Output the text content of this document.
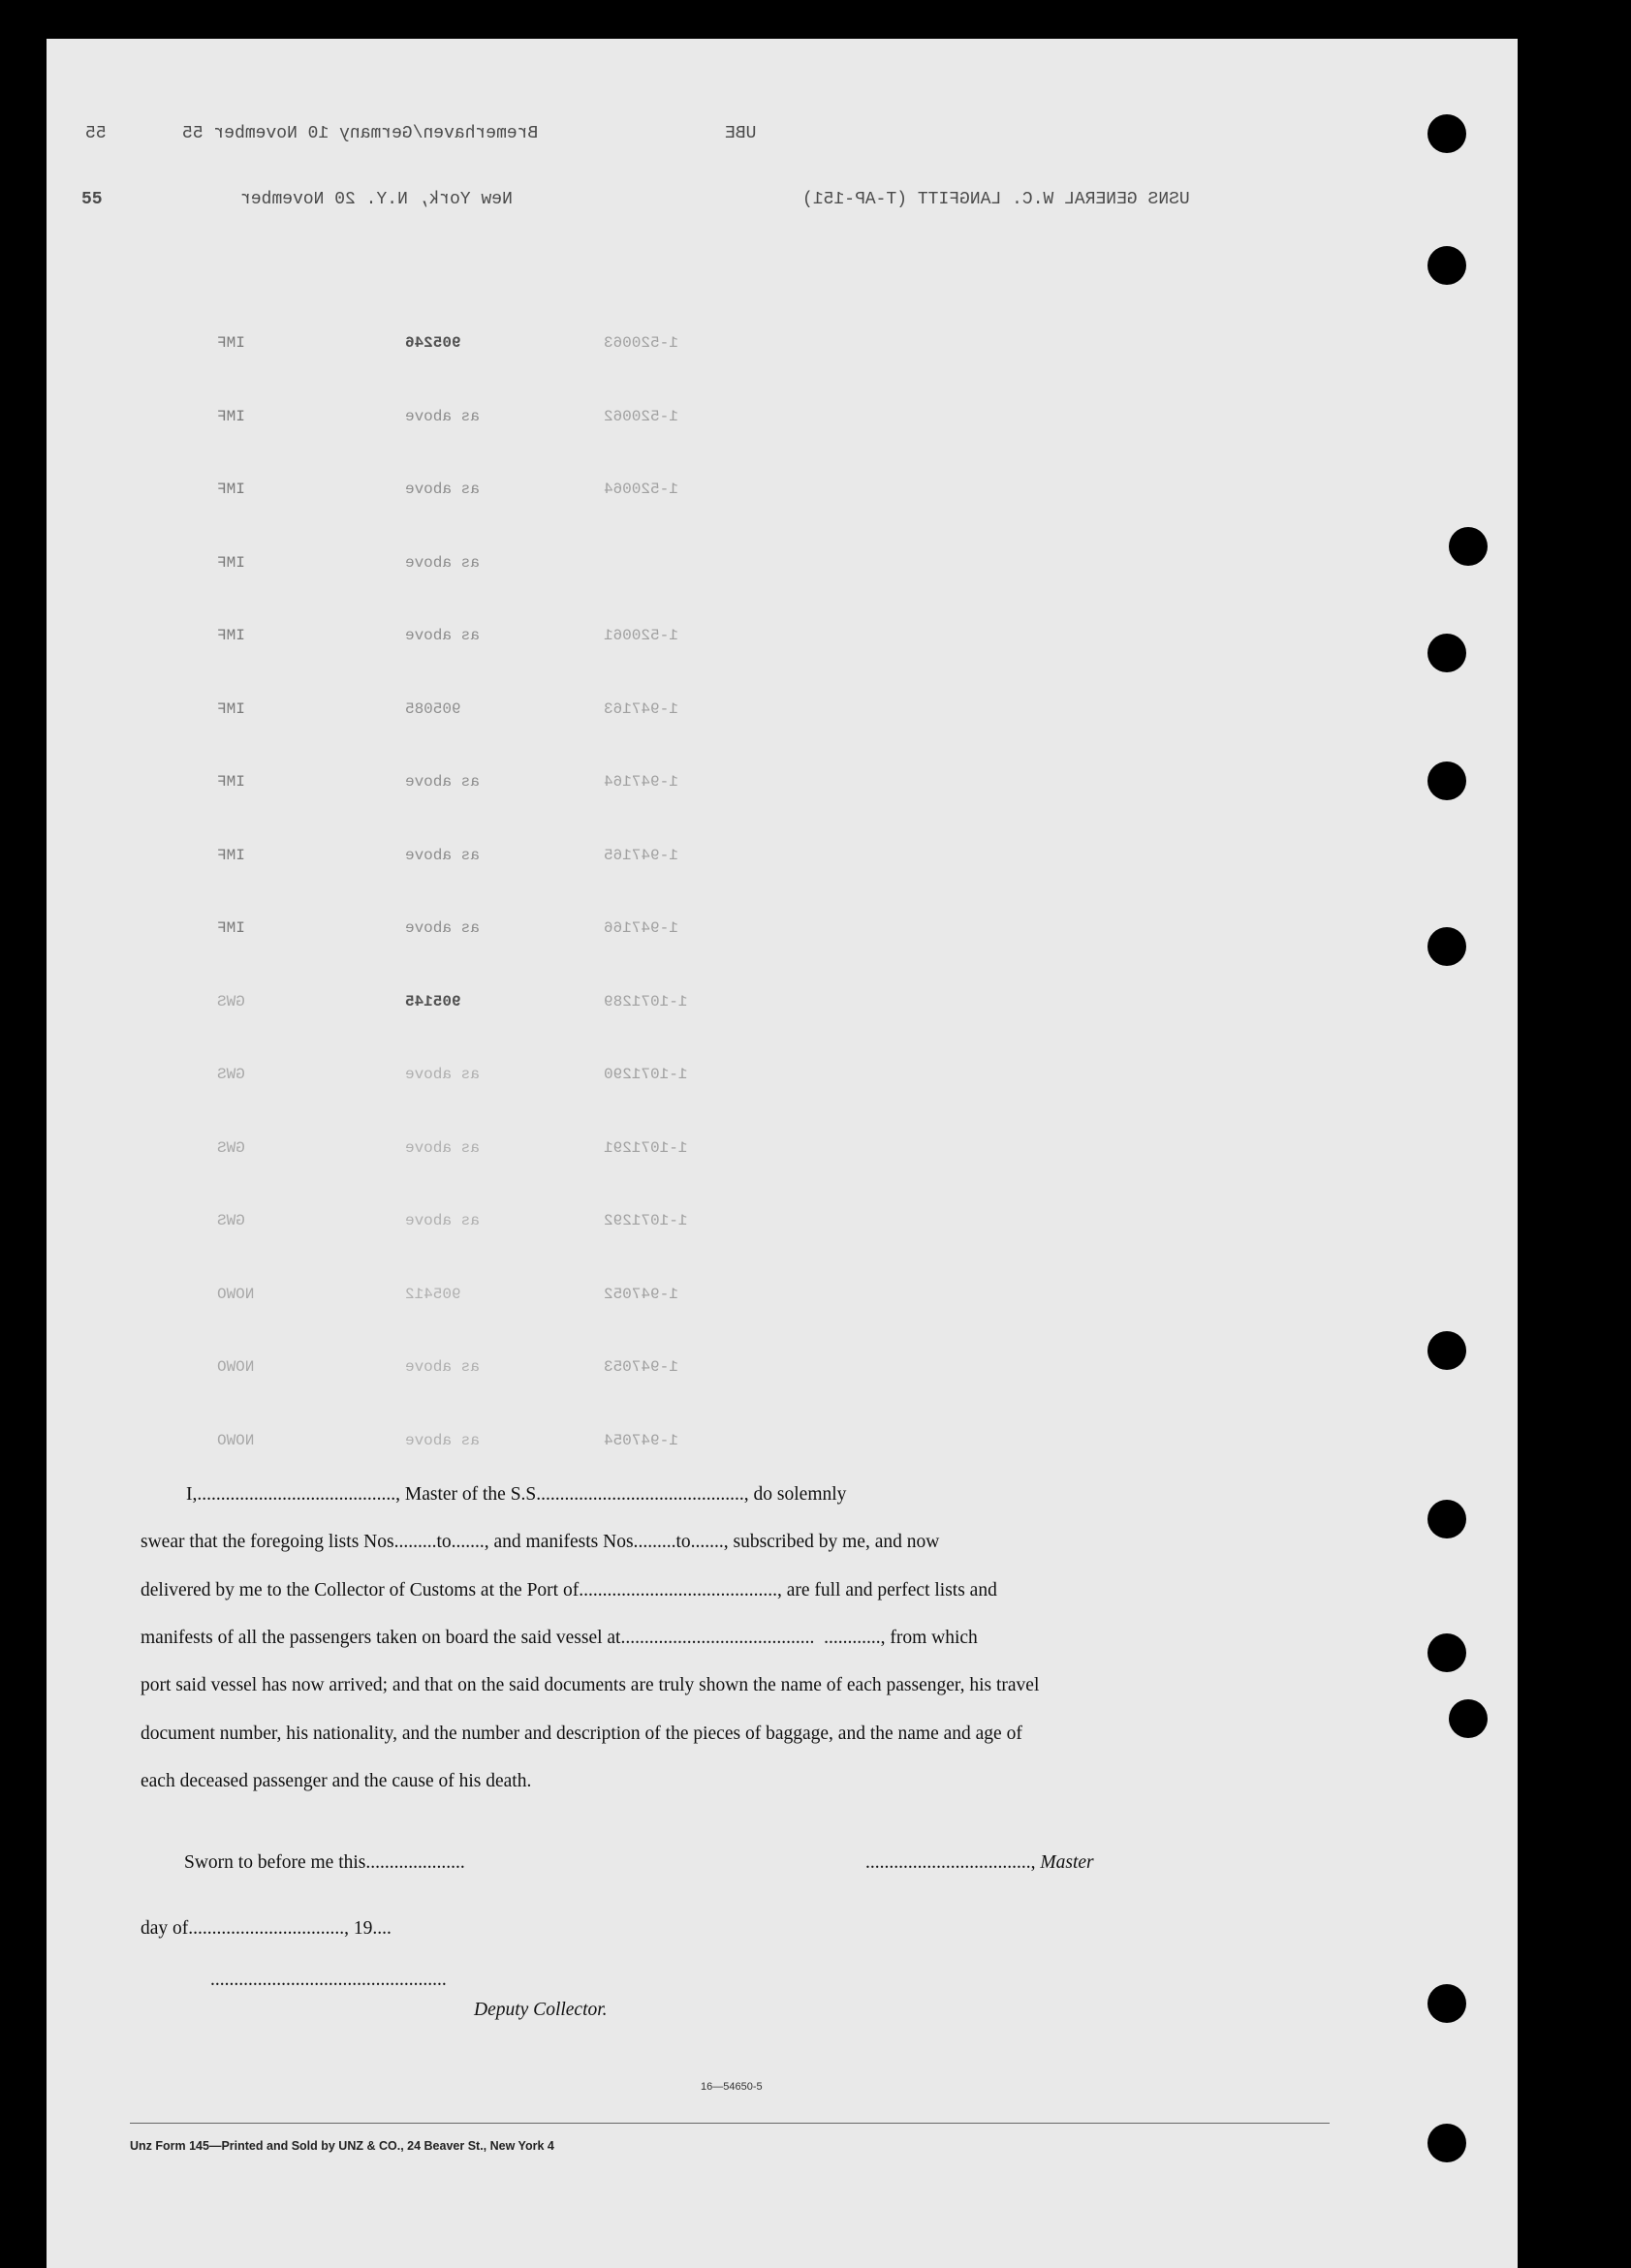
55	Bremerhaven/Germany 10 November 55	UBE
55	New York, N.Y. 20 November	USNS GENERAL W.C. LANGFITT (T-AP-151)
IMF	905246	1-520063
IMF	as above	1-520062
IMF	as above	1-520064
IMF	as above
IMF	as above	1-520061
IMF	905085	1-947163
IMF	as above	1-947164
IMF	as above	1-947165
IMF	as above	1-947166
GWS	905145	1-1071289
GWS	as above	1-1071290
GWS	as above	1-1071291
GWS	as above	1-1071292
NOWO	905412	1-947052
NOWO	as above	1-947053
NOWO	as above	1-947054
I,.........................................., Master of the S.S............................................, do solemnly
swear that the foregoing lists Nos.........to......., and manifests Nos.........to......., subscribed by me, and now
delivered by me to the Collector of Customs at the Port of.........................................., are full and perfect lists and
manifests of all the passengers taken on board the said vessel at.........................................  ............, from which
port said vessel has now arrived; and that on the said documents are truly shown the name of each passenger, his travel
document number, his nationality, and the number and description of the pieces of baggage, and the name and age of
each deceased passenger and the cause of his death.
Sworn to before me this.....................	..................................., Master
day of................................., 19....
..................................................
Deputy Collector.
16—54650-5
Unz Form 145—Printed and Sold by UNZ & CO., 24 Beaver St., New York 4
